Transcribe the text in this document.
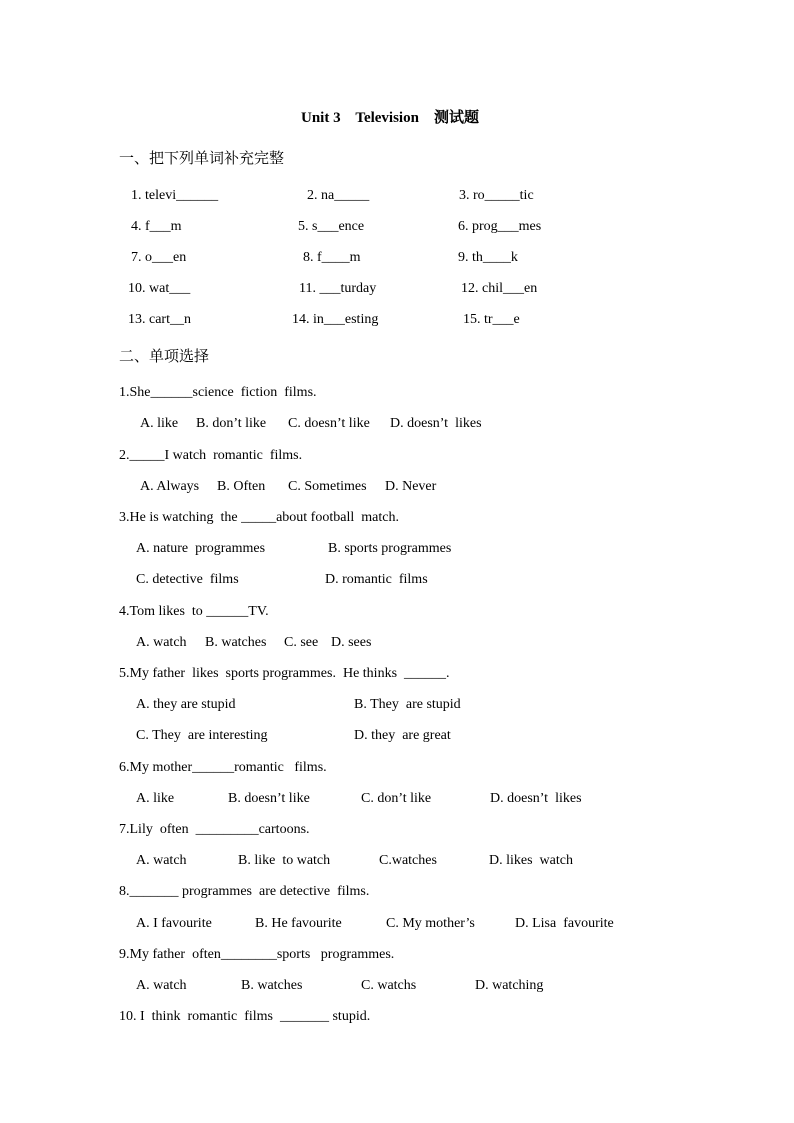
Unit 3    Television    测试题
一、把下列单词补充完整
1. televi______	2. na_____	3. ro_____tic
4. f___m	5. s___ence	6. prog___mes
7. o___en	8. f____m	9. th____k
10. wat___	11. ___turday	12. chil___en
13. cart__n	14. in___esting	15. tr___e
二、单项选择
1.She______science  fiction  films.
A. like B. don’t like C. doesn’t like D. doesn’t  likes
2._____I watch  romantic  films.
A. Always B. Often C. Sometimes D. Never
3.He is watching  the _____about football  match.
A. nature  programmes	B. sports programmes
C. detective  films	D. romantic  films
4.Tom likes  to ______TV.
A. watch B. watches C. see D. sees
5.My father  likes  sports programmes.  He thinks  ______.
A. they are stupid	B. They  are stupid
C. They  are interesting	D. they  are great
6.My mother______romantic   films.
A. like	B. doesn’t like	C. don’t like	D. doesn’t  likes
7.Lily  often  _________cartoons.
A. watch	B. like  to watch	C.watches	D. likes  watch
8._______ programmes  are detective  films.
A. I favourite	B. He favourite	C. My mother’s	D. Lisa  favourite
9.My father  often________sports   programmes.
A. watch	B. watches	C. watchs	D. watching
10. I  think  romantic  films  _______ stupid.
